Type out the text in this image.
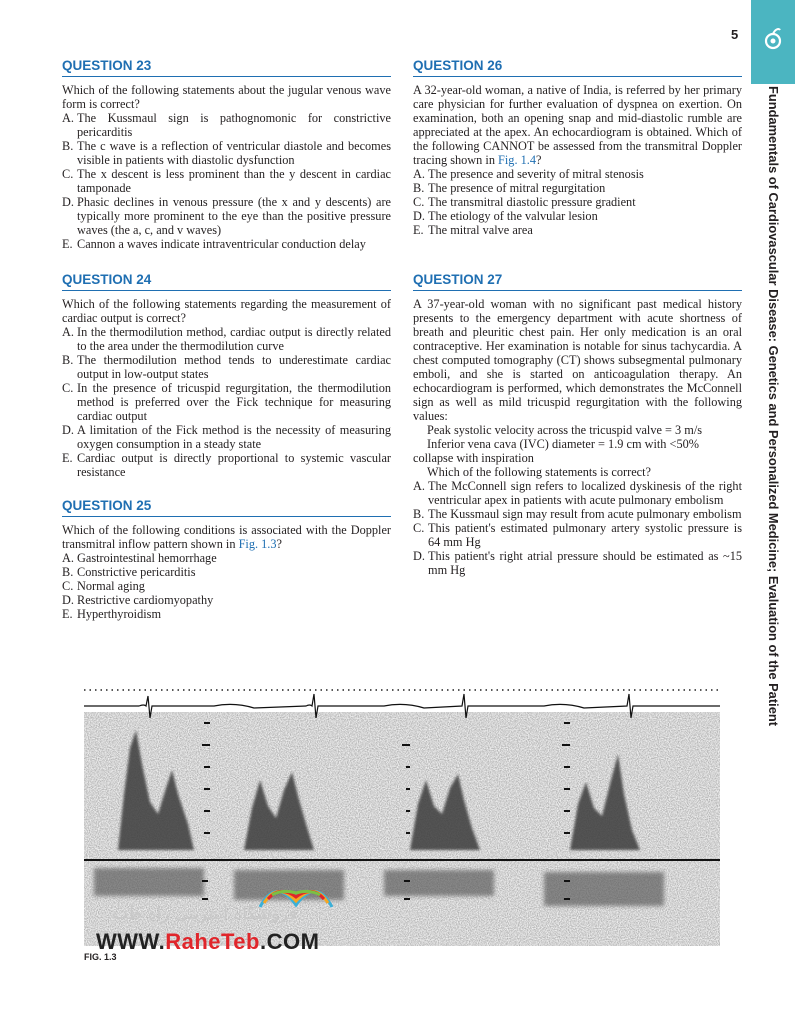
5
Fundamentals of Cardiovascular Disease: Genetics and Personalized Medicine; Evaluation of the Patient
QUESTION 23

Which of the following statements about the jugular venous wave form is correct?

A. The Kussmaul sign is pathognomonic for constrictive pericarditis
B. The c wave is a reflection of ventricular diastole and becomes visible in patients with diastolic dysfunction
C. The x descent is less prominent than the y descent in cardiac tamponade
D. Phasic declines in venous pressure (the x and y descents) are typically more prominent to the eye than the positive pressure waves (the a, c, and v waves)
E. Cannon a waves indicate intraventricular conduction delay
QUESTION 24

Which of the following statements regarding the measurement of cardiac output is correct?

A. In the thermodilution method, cardiac output is directly related to the area under the thermodilution curve
B. The thermodilution method tends to underestimate cardiac output in low-output states
C. In the presence of tricuspid regurgitation, the thermodilution method is preferred over the Fick technique for measuring cardiac output
D. A limitation of the Fick method is the necessity of measuring oxygen consumption in a steady state
E. Cardiac output is directly proportional to systemic vascular resistance
QUESTION 25

Which of the following conditions is associated with the Doppler transmitral inflow pattern shown in Fig. 1.3?

A. Gastrointestinal hemorrhage
B. Constrictive pericarditis
C. Normal aging
D. Restrictive cardiomyopathy
E. Hyperthyroidism
QUESTION 26

A 32-year-old woman, a native of India, is referred by her primary care physician for further evaluation of dyspnea on exertion. On examination, both an opening snap and mid-diastolic rumble are appreciated at the apex. An echocardiogram is obtained. Which of the following CANNOT be assessed from the transmitral Doppler tracing shown in Fig. 1.4?

A. The presence and severity of mitral stenosis
B. The presence of mitral regurgitation
C. The transmitral diastolic pressure gradient
D. The etiology of the valvular lesion
E. The mitral valve area
QUESTION 27

A 37-year-old woman with no significant past medical history presents to the emergency department with acute shortness of breath and pleuritic chest pain. Her only medication is an oral contraceptive. Her examination is notable for sinus tachycardia. A chest computed tomography (CT) shows subsegmental pulmonary emboli, and she is started on anticoagulation therapy. An echocardiogram is performed, which demonstrates the McConnell sign as well as mild tricuspid regurgitation with the following values:

Peak systolic velocity across the tricuspid valve = 3 m/s
Inferior vena cava (IVC) diameter = 1.9 cm with <50% collapse with inspiration
Which of the following statements is correct?
A. The McConnell sign refers to localized dyskinesis of the right ventricular apex in patients with acute pulmonary embolism
B. The Kussmaul sign may result from acute pulmonary embolism
C. This patient's estimated pulmonary artery systolic pressure is 64 mm Hg
D. This patient's right atrial pressure should be estimated as ~15 mm Hg
FIG. 1.3
فروشگاه اینترنتی راه طب
WWW.RaheTeb.COM
